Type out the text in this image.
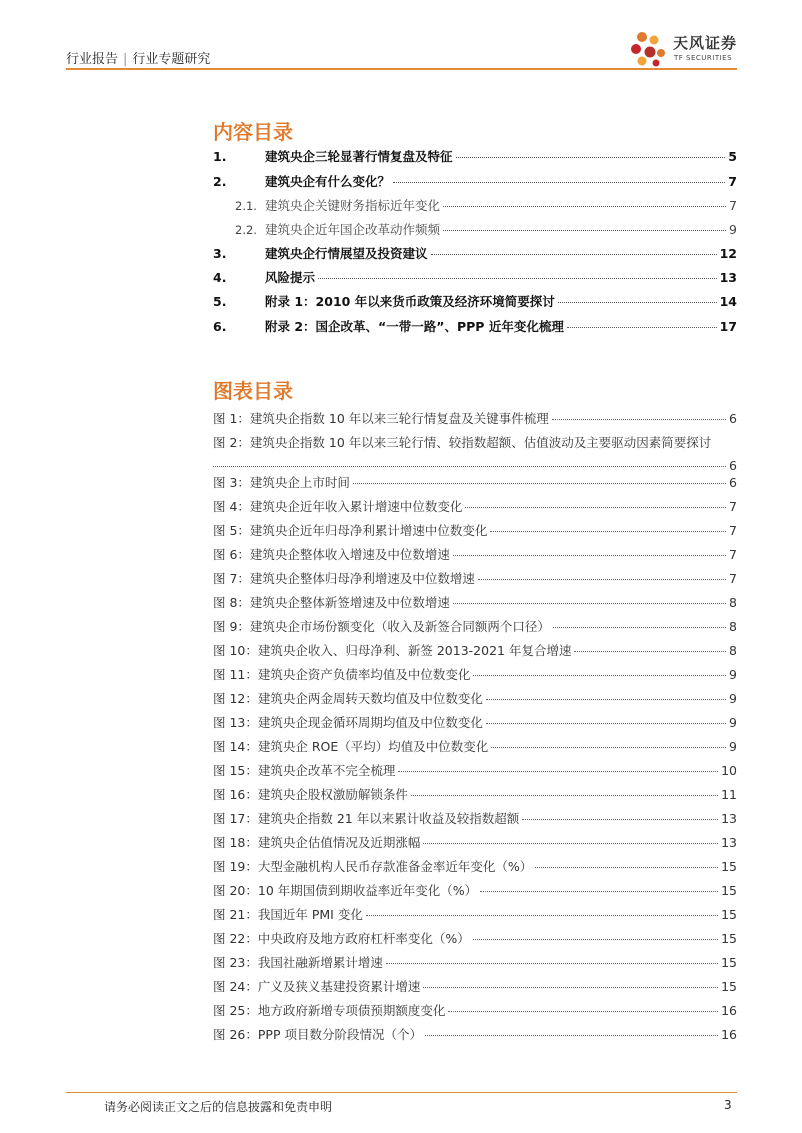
行业报告 | 行业专题研究
天风证券
TF SECURITIES
内容目录
1.	建筑央企三轮显著行情复盘及特征	5
2.	建筑央企有什么变化？	7
2.1. 建筑央企关键财务指标近年变化	7
2.2. 建筑央企近年国企改革动作频频	9
3.	建筑央企行情展望及投资建议	12
4.	风险提示	13
5.	附录 1：2010 年以来货币政策及经济环境简要探讨	14
6.	附录 2：国企改革、“一带一路”、PPP 近年变化梳理	17
图表目录
图 1：建筑央企指数 10 年以来三轮行情复盘及关键事件梳理	6
图 2：建筑央企指数 10 年以来三轮行情、较指数超额、估值波动及主要驱动因素简要探讨
6
图 3：建筑央企上市时间	6
图 4：建筑央企近年收入累计增速中位数变化	7
图 5：建筑央企近年归母净利累计增速中位数变化	7
图 6：建筑央企整体收入增速及中位数增速	7
图 7：建筑央企整体归母净利增速及中位数增速	7
图 8：建筑央企整体新签增速及中位数增速	8
图 9：建筑央企市场份额变化（收入及新签合同额两个口径）	8
图 10：建筑央企收入、归母净利、新签 2013-2021 年复合增速	8
图 11：建筑央企资产负债率均值及中位数变化	9
图 12：建筑央企两金周转天数均值及中位数变化	9
图 13：建筑央企现金循环周期均值及中位数变化	9
图 14：建筑央企 ROE（平均）均值及中位数变化	9
图 15：建筑央企改革不完全梳理	10
图 16：建筑央企股权激励解锁条件	11
图 17：建筑央企指数 21 年以来累计收益及较指数超额	13
图 18：建筑央企估值情况及近期涨幅	13
图 19：大型金融机构人民币存款准备金率近年变化（%）	15
图 20：10 年期国债到期收益率近年变化（%）	15
图 21：我国近年 PMI 变化	15
图 22：中央政府及地方政府杠杆率变化（%）	15
图 23：我国社融新增累计增速	15
图 24：广义及狭义基建投资累计增速	15
图 25：地方政府新增专项债预期额度变化	16
图 26：PPP 项目数分阶段情况（个）	16
请务必阅读正文之后的信息披露和免责申明	3
